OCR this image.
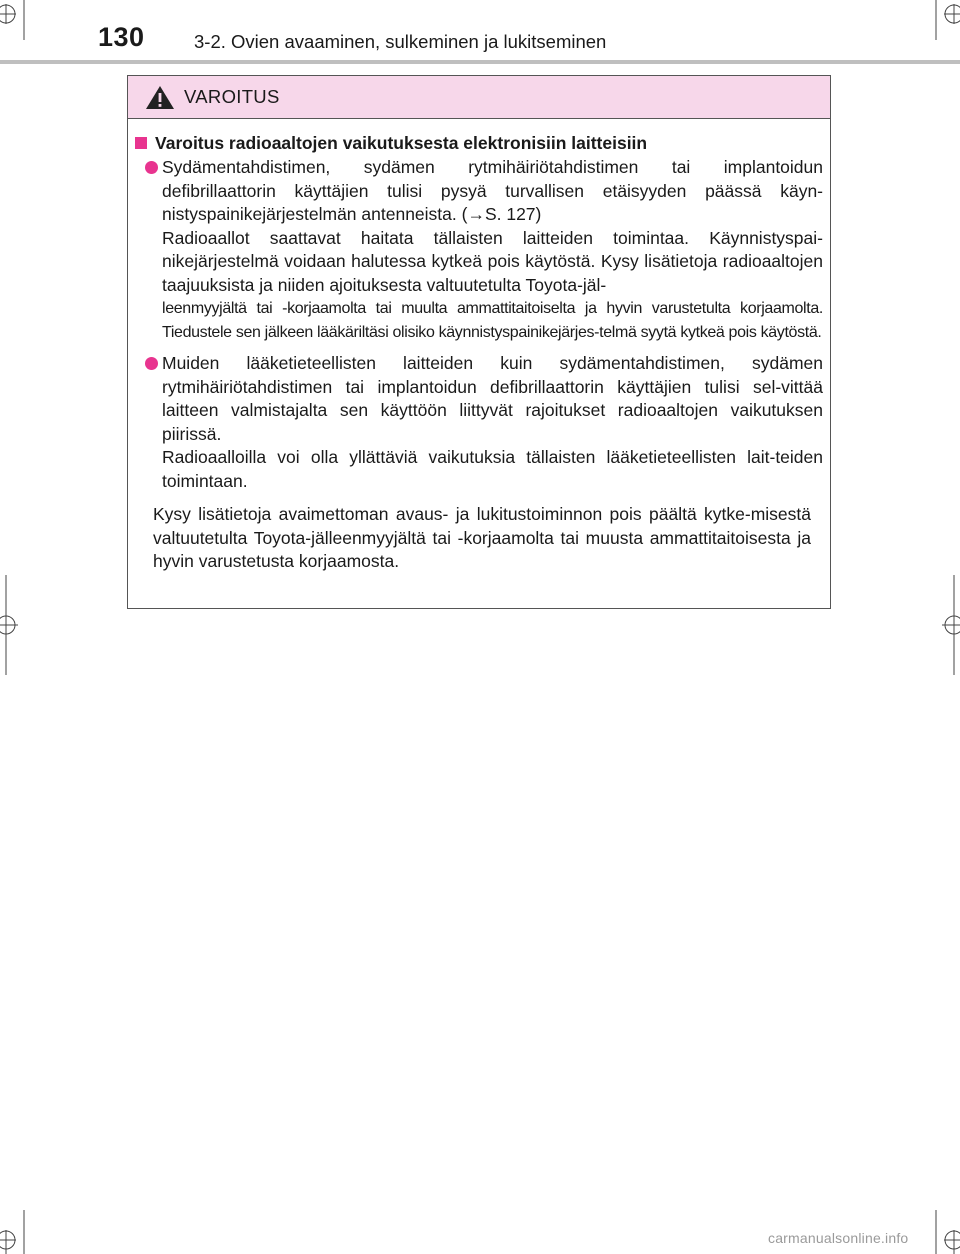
130	3-2. Ovien avaaminen, sulkeminen ja lukitseminen
VAROITUS
Varoitus radioaaltojen vaikutuksesta elektronisiin laitteisiin

Sydämentahdistimen, sydämen rytmihäiriötahdistimen tai implantoidun defibrillaattorin käyttäjien tulisi pysyä turvallisen etäisyyden päässä käyn-nistyspainikejärjestelmän antenneista. (→S. 127)

Radioaallot saattavat haitata tällaisten laitteiden toimintaa. Käynnistyspai-nikejärjestelmä voidaan halutessa kytkeä pois käytöstä. Kysy lisätietoja radioaaltojen taajuuksista ja niiden ajoituksesta valtuutetulta Toyota-jäl-

leenmyyjältä tai -korjaamolta tai muulta ammattitaitoiselta ja hyvin varustetulta korjaamolta. Tiedustele sen jälkeen lääkäriltäsi olisiko käynnistyspainikejärjes-telmä syytä kytkeä pois käytöstä.

Muiden lääketieteellisten laitteiden kuin sydämentahdistimen, sydämen rytmihäiriötahdistimen tai implantoidun defibrillaattorin käyttäjien tulisi sel-vittää laitteen valmistajalta sen käyttöön liittyvät rajoitukset radioaaltojen vaikutuksen piirissä.

Radioaalloilla voi olla yllättäviä vaikutuksia tällaisten lääketieteellisten lait-teiden toimintaan.

Kysy lisätietoja avaimettoman avaus- ja lukitustoiminnon pois päältä kytke-misestä valtuutetulta Toyota-jälleenmyyjältä tai -korjaamolta tai muusta ammattitaitoisesta ja hyvin varustetusta korjaamosta.

carmanualsonline.info
